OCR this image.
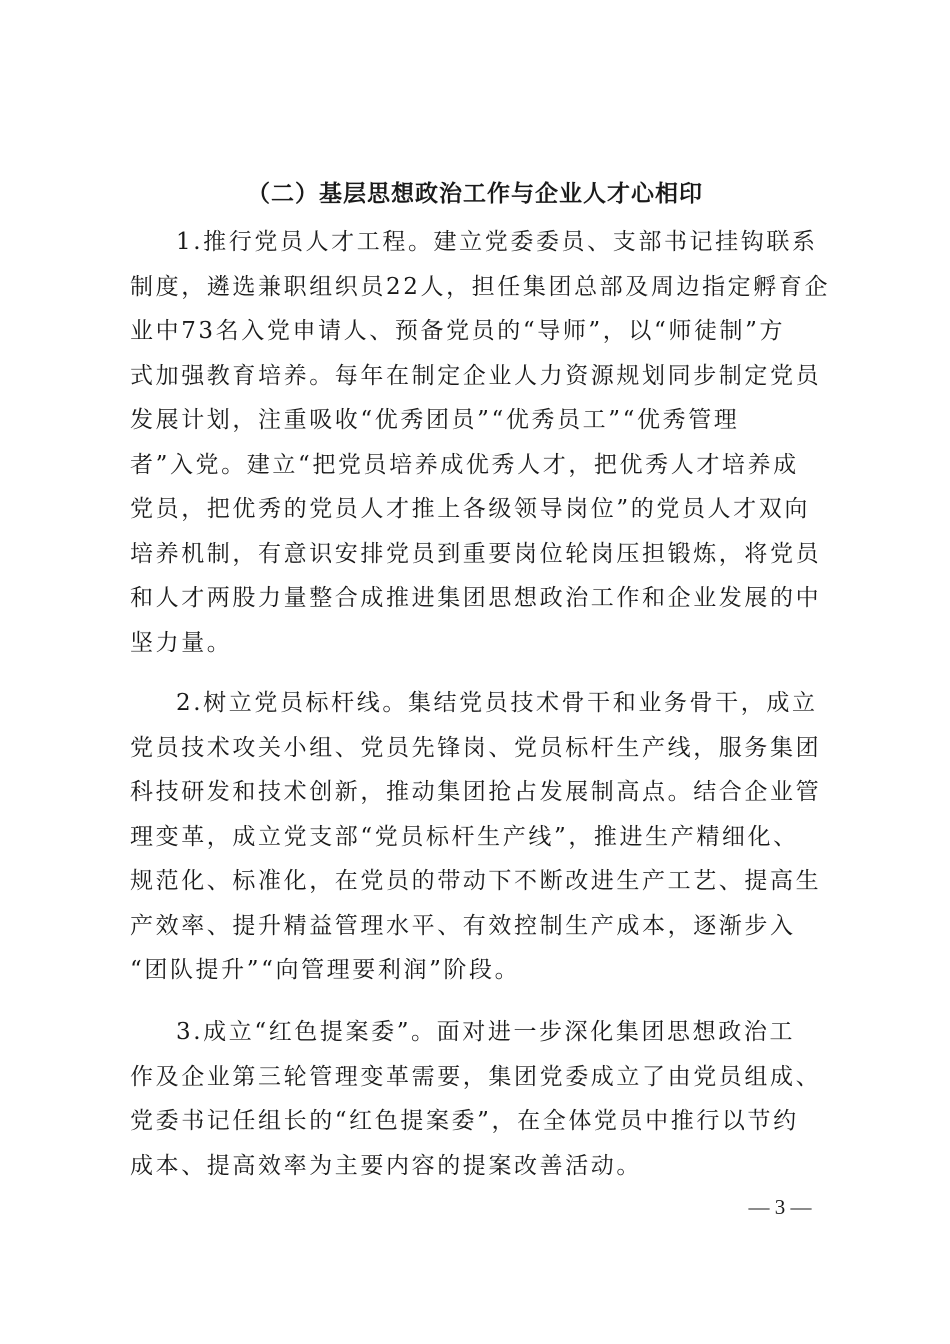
（二）基层思想政治工作与企业人才心相印
1.推行党员人才工程。建立党委委员、支部书记挂钩联系
制度，遴选兼职组织员22人，担任集团总部及周边指定孵育企
业中73名入党申请人、预备党员的“导师”，以“师徒制”方
式加强教育培养。每年在制定企业人力资源规划同步制定党员
发展计划，注重吸收“优秀团员”“优秀员工”“优秀管理
者”入党。建立“把党员培养成优秀人才，把优秀人才培养成
党员，把优秀的党员人才推上各级领导岗位”的党员人才双向
培养机制，有意识安排党员到重要岗位轮岗压担锻炼，将党员
和人才两股力量整合成推进集团思想政治工作和企业发展的中
坚力量。
2.树立党员标杆线。集结党员技术骨干和业务骨干，成立
党员技术攻关小组、党员先锋岗、党员标杆生产线，服务集团
科技研发和技术创新，推动集团抢占发展制高点。结合企业管
理变革，成立党支部“党员标杆生产线”，推进生产精细化、
规范化、标准化，在党员的带动下不断改进生产工艺、提高生
产效率、提升精益管理水平、有效控制生产成本，逐渐步入
“团队提升”“向管理要利润”阶段。
3.成立“红色提案委”。面对进一步深化集团思想政治工
作及企业第三轮管理变革需要，集团党委成立了由党员组成、
党委书记任组长的“红色提案委”，在全体党员中推行以节约
成本、提高效率为主要内容的提案改善活动。
— 3 —
